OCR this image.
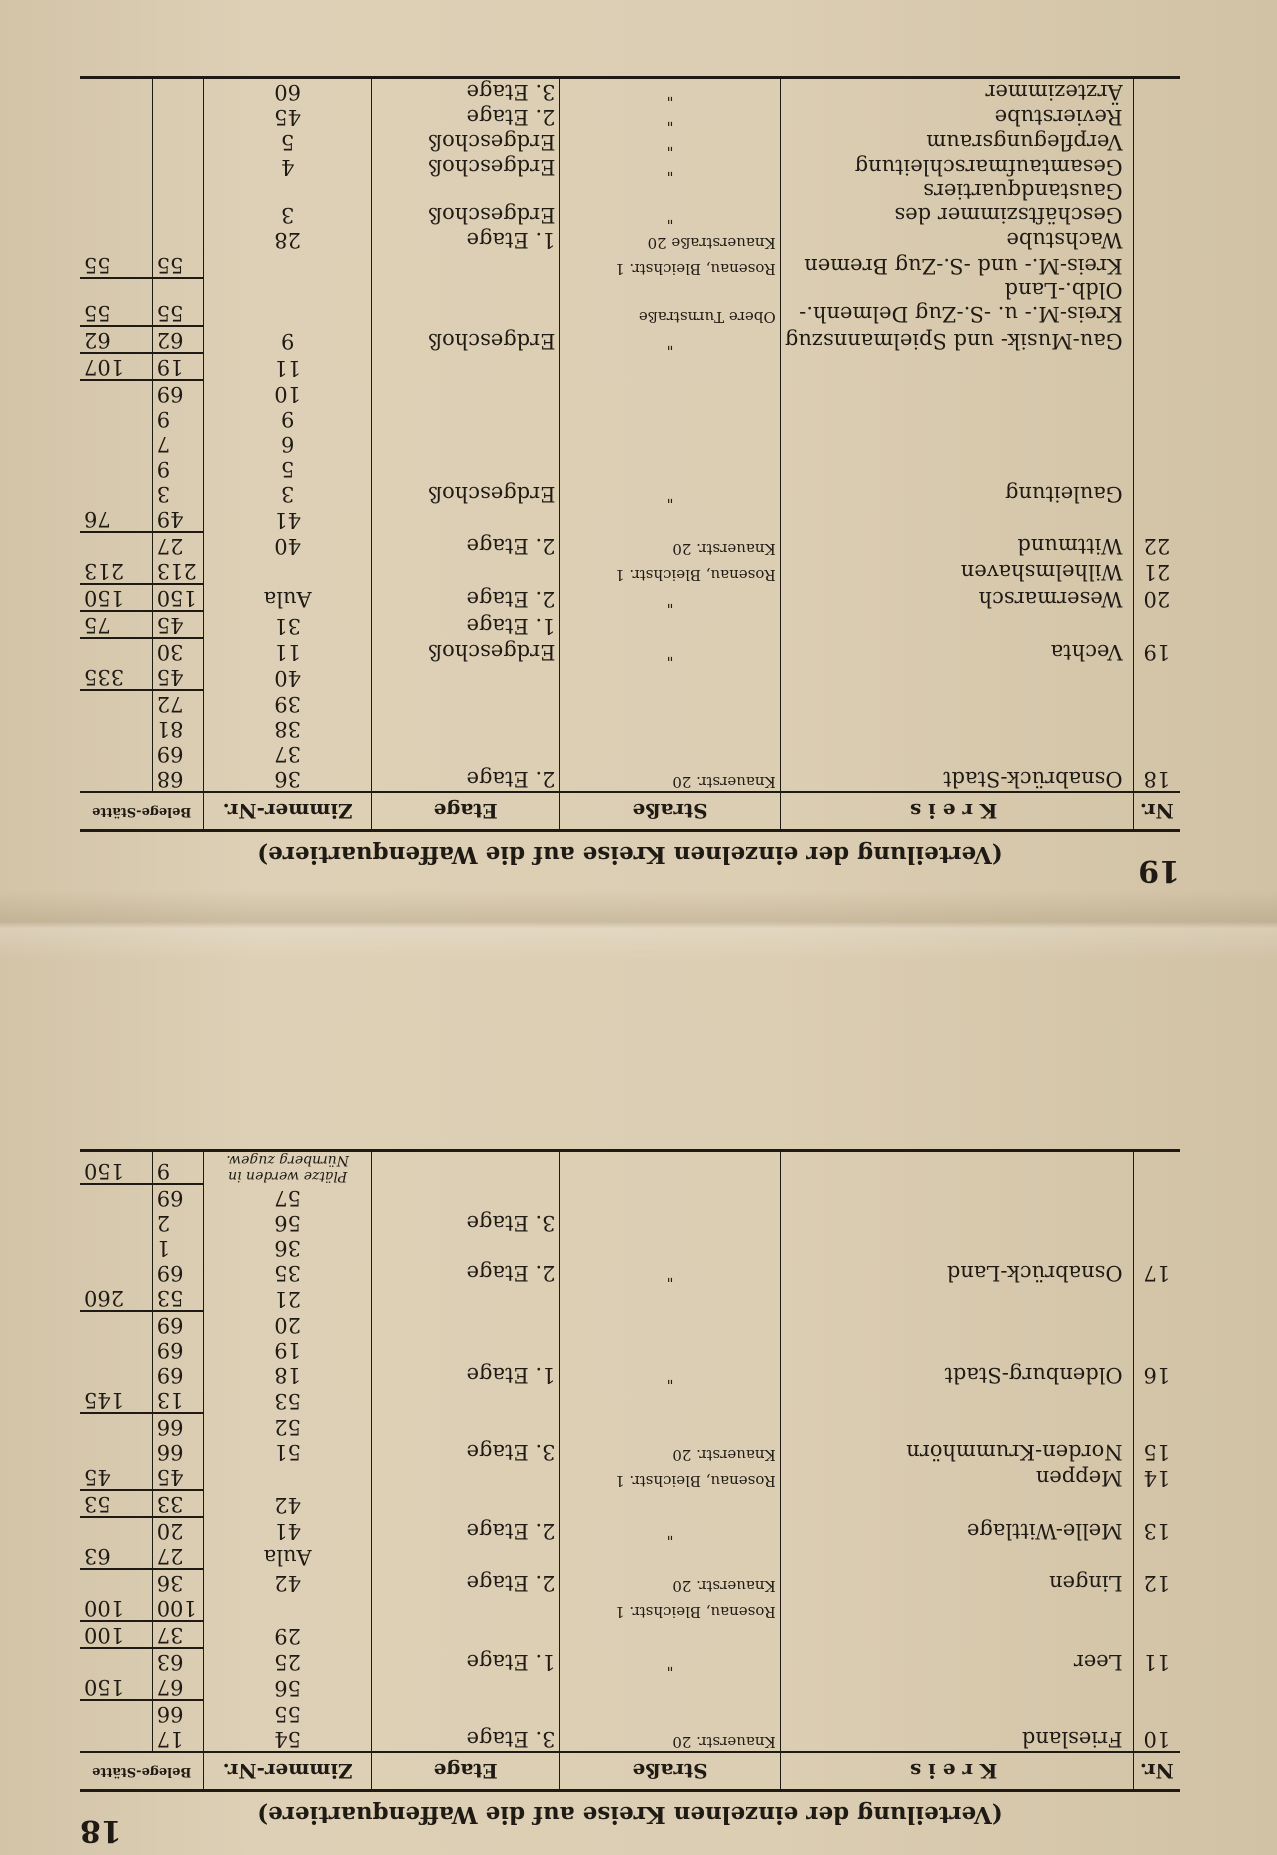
19
(Verteilung der einzelnen Kreise auf die Waffenquartiere)
Nr.	K r e i s	Straße	Etage	Zimmer-Nr.	Belege-Stätte	
18	Osnabrück-Stadt	Knauerstr. 20	2. Etage	36	68	
				37	69	
				38	81	
				39	72	
				40	45	335
19	Vechta	"	Erdgeschoß	11	30	
			1. Etage	31	45	75
20	Wesermarsch	"	2. Etage	Aula	150	150
21	Wilhelmshaven	Rosenau, Bleichstr. 1			213	213
22	Wittmund	Knauerstr. 20	2. Etage	40	27	
				41	49	76
	Gauleitung	"	Erdgeschoß	3	3	
				5	9	
				6	7	
				9	9	
				10	69	
				11	19	107
	Gau-Musik- und Spielmannszug	"	Erdgeschoß	9	62	62
	Kreis-M.- u. -S.-Zug Delmenh.-Oldb.-Land	Obere Turnstraße			55	55
	Kreis-M.- und -S.-Zug Bremen	Rosenau, Bleichstr. 1			55	55
	Wachstube	Knauerstraße 20	1. Etage	28		
	Geschäftszimmer des Gaustandquartiers	"	Erdgeschoß	3		
	Gesamtaufmarschleitung	"	Erdgeschoß	4		
	Verpflegungsraum	"	Erdgeschoß	5		
	Revierstube	"	2. Etage	45		
	Ärztezimmer	"	3. Etage	60		
18	(Verteilung der einzelnen Kreise auf die Waffenquartiere)
Nr.	K r e i s	Straße	Etage	Zimmer-Nr.	Belege-Stätte	
10	Friesland	Knauerstr. 20	3. Etage	54	17	
				55	66	
				56	67	150
11	Leer	"	1. Etage	25	63	
				29	37	100
		Rosenau, Bleichstr. 1			100	100
12	Lingen	Knauerstr. 20	2. Etage	42	36	
				Aula	27	63
13	Melle-Wittlage	"	2. Etage	41	20	
				42	33	53
14	Meppen	Rosenau, Bleichstr. 1			45	45
15	Norden-Krummhörn	Knauerstr. 20	3. Etage	51	66	
				52	66	
				53	13	145
16	Oldenburg-Stadt	"	1. Etage	18	69	
				19	69	
				20	69	
				21	53	260
17	Osnabrück-Land	"	2. Etage	35	69	
				36	1	
			3. Etage	56	2	
				57	69	
				Plätze werden in Nürnberg zugew.	9	150
